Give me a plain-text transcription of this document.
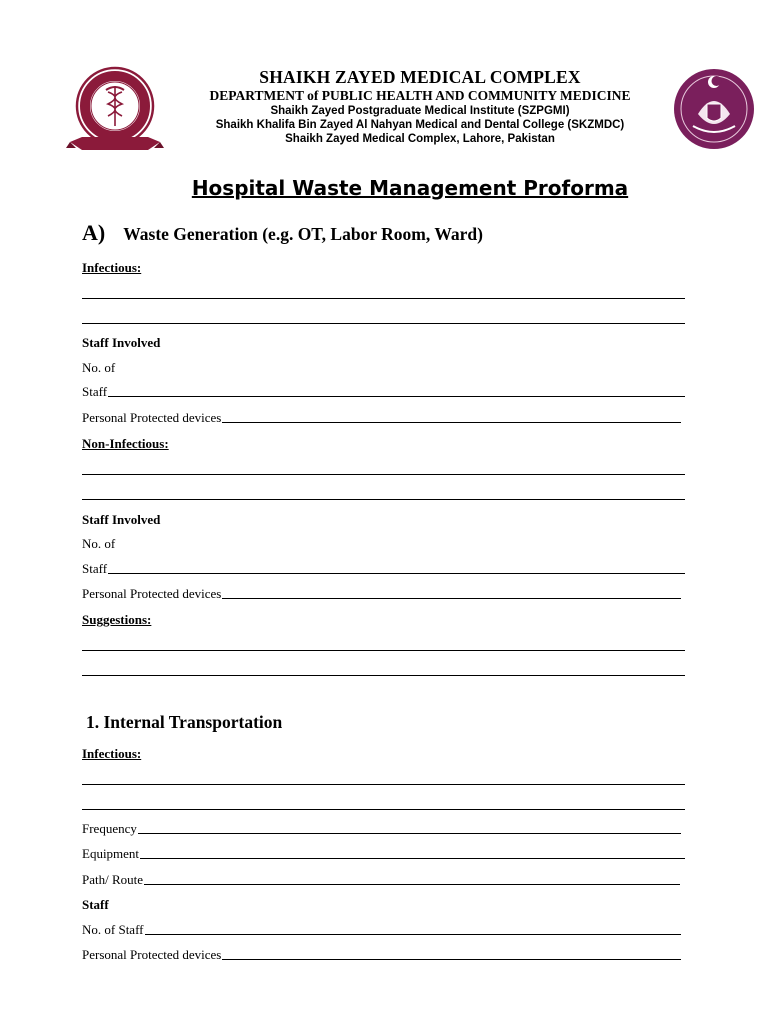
SHAIKH ZAYED MEDICAL COMPLEX
DEPARTMENT of PUBLIC HEALTH AND COMMUNITY MEDICINE
Shaikh Zayed Postgraduate Medical Institute (SZPGMI)
Shaikh Khalifa Bin Zayed Al Nahyan Medical and Dental College (SKZMDC)
Shaikh Zayed Medical Complex, Lahore, Pakistan
Hospital Waste Management Proforma
A) Waste Generation (e.g. OT, Labor Room, Ward)
Infectious:
Staff Involved
No. of
Staff
Personal Protected devices
Non-Infectious:
Staff Involved
No. of
Staff
Personal Protected devices
Suggestions:
1. Internal Transportation
Infectious:
Frequency
Equipment
Path/ Route
Staff
No. of Staff
Personal Protected devices
